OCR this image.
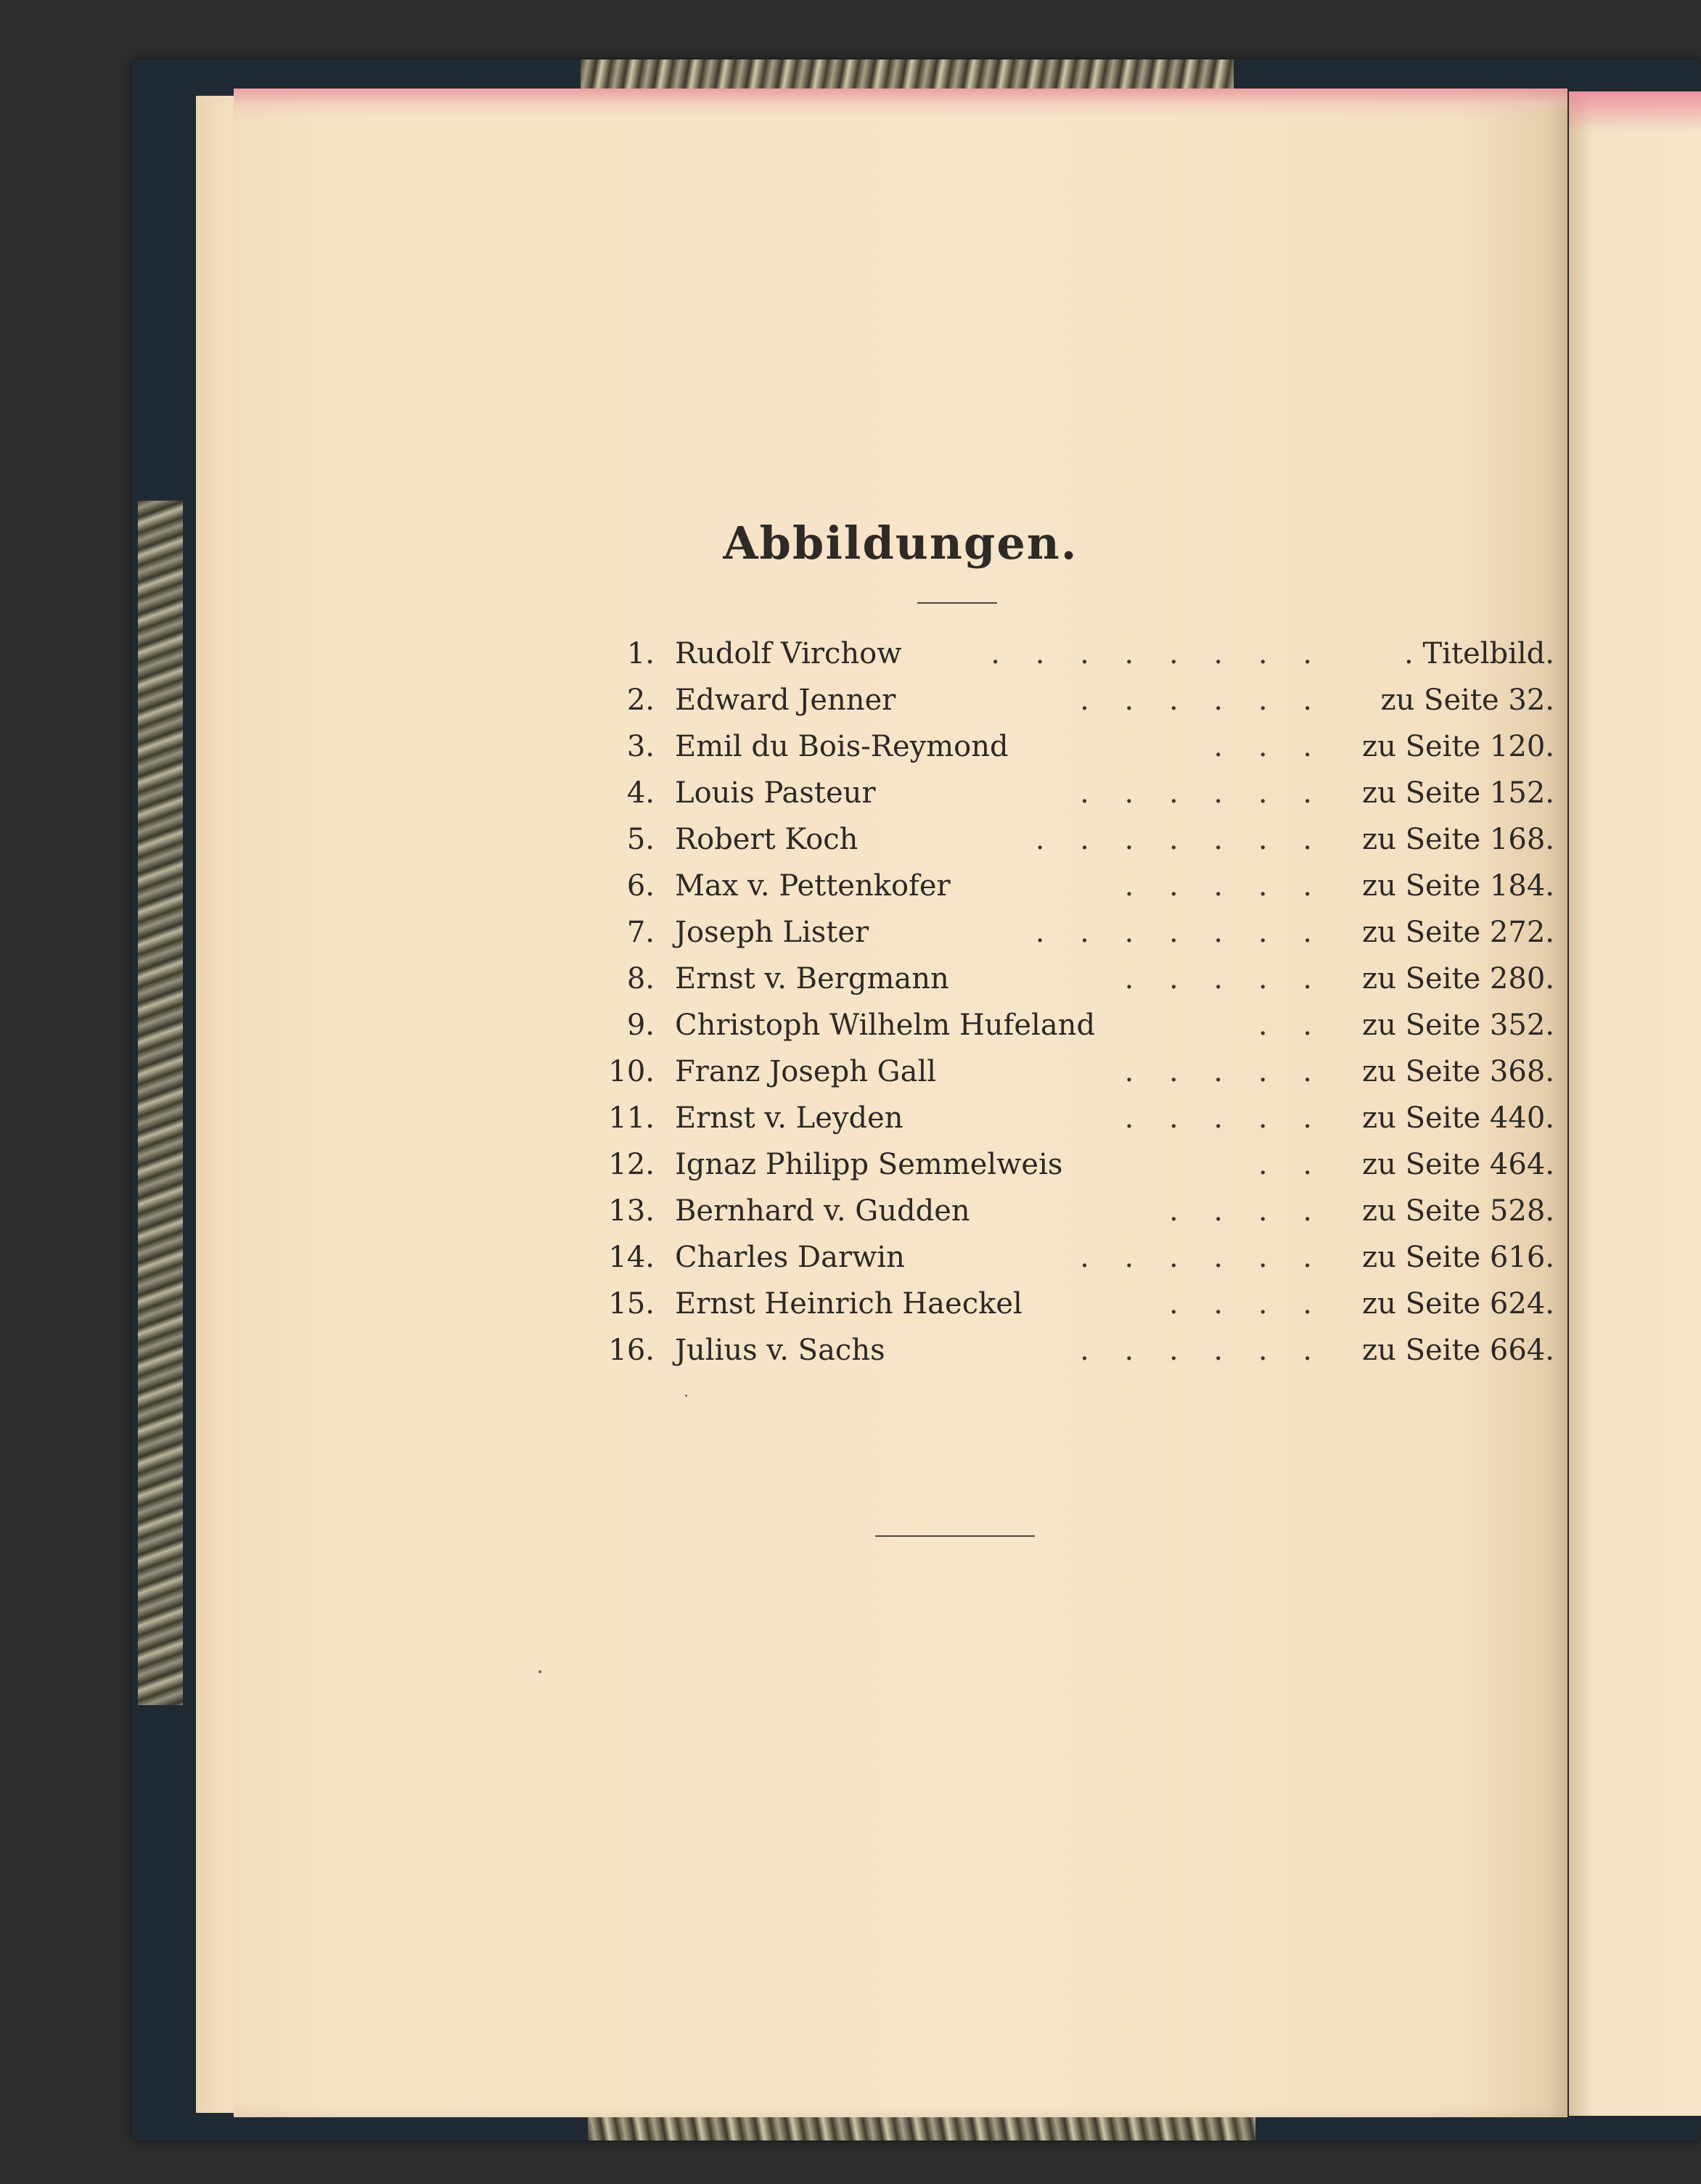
Abbildungen.
1. Rudolf Virchow	. . . . . . . .	. Titelbild.
2. Edward Jenner	. . . . . .	zu Seite 32.
3. Emil du Bois-Reymond	. . .	zu Seite 120.
4. Louis Pasteur	. . . . . .	zu Seite 152.
5. Robert Koch	. . . . . . .	zu Seite 168.
6. Max v. Pettenkofer	. . . . .	zu Seite 184.
7. Joseph Lister	. . . . . . .	zu Seite 272.
8. Ernst v. Bergmann	. . . . .	zu Seite 280.
9. Christoph Wilhelm Hufeland	. .	zu Seite 352.
10. Franz Joseph Gall	. . . . .	zu Seite 368.
11. Ernst v. Leyden	. . . . .	zu Seite 440.
12. Ignaz Philipp Semmelweis	. .	zu Seite 464.
13. Bernhard v. Gudden	. . . .	zu Seite 528.
14. Charles Darwin	. . . . . .	zu Seite 616.
15. Ernst Heinrich Haeckel	. . . .	zu Seite 624.
16. Julius v. Sachs	. . . . . .	zu Seite 664.
